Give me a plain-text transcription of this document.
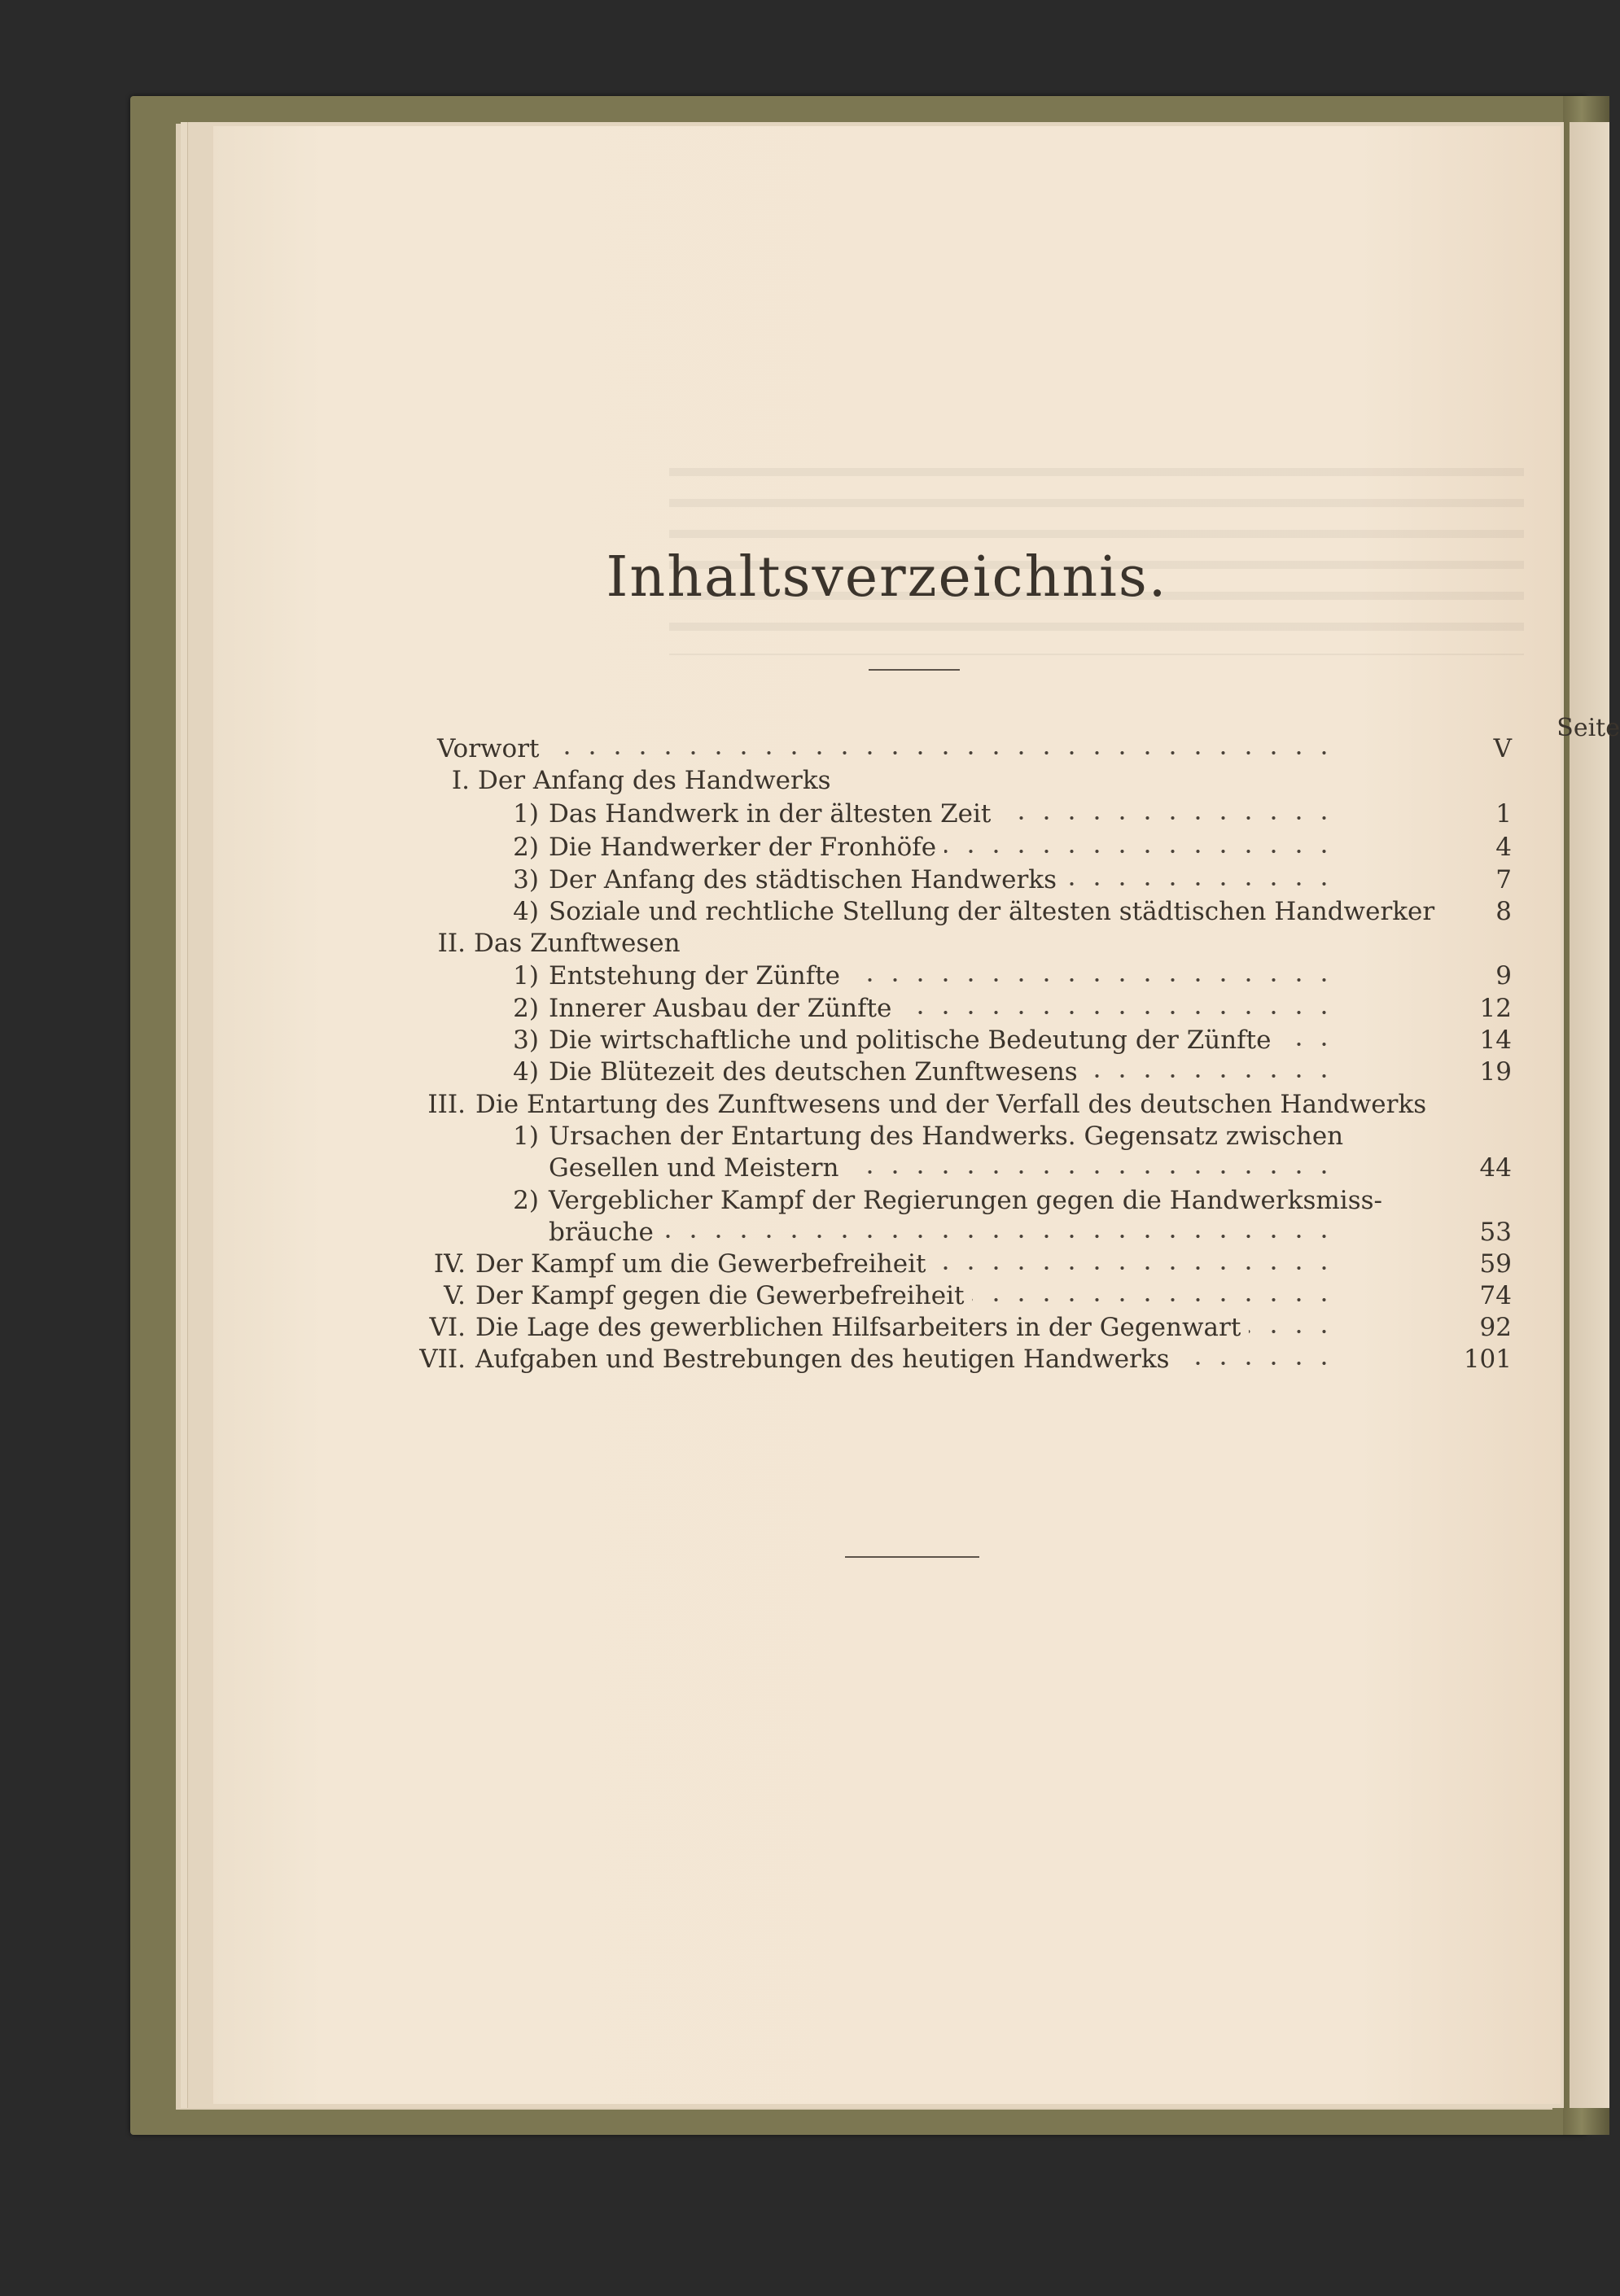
Inhaltsverzeichnis.
Seite
Vorwort	V
I. Der Anfang des Handwerks
1) Das Handwerk in der ältesten Zeit	1
2) Die Handwerker der Fronhöfe	4
3) Der Anfang des städtischen Handwerks	7
4) Soziale und rechtliche Stellung der ältesten städtischen Handwerker	8
II. Das Zunftwesen
1) Entstehung der Zünfte	9
2) Innerer Ausbau der Zünfte	12
3) Die wirtschaftliche und politische Bedeutung der Zünfte	14
4) Die Blütezeit des deutschen Zunftwesens	19
III. Die Entartung des Zunftwesens und der Verfall des deutschen Handwerks
1) Ursachen der Entartung des Handwerks. Gegensatz zwischen
Gesellen und Meistern	44
2) Vergeblicher Kampf der Regierungen gegen die Handwerksmiss-
bräuche	53
IV. Der Kampf um die Gewerbefreiheit	59
V. Der Kampf gegen die Gewerbefreiheit	74
VI. Die Lage des gewerblichen Hilfsarbeiters in der Gegenwart	92
VII. Aufgaben und Bestrebungen des heutigen Handwerks	101
